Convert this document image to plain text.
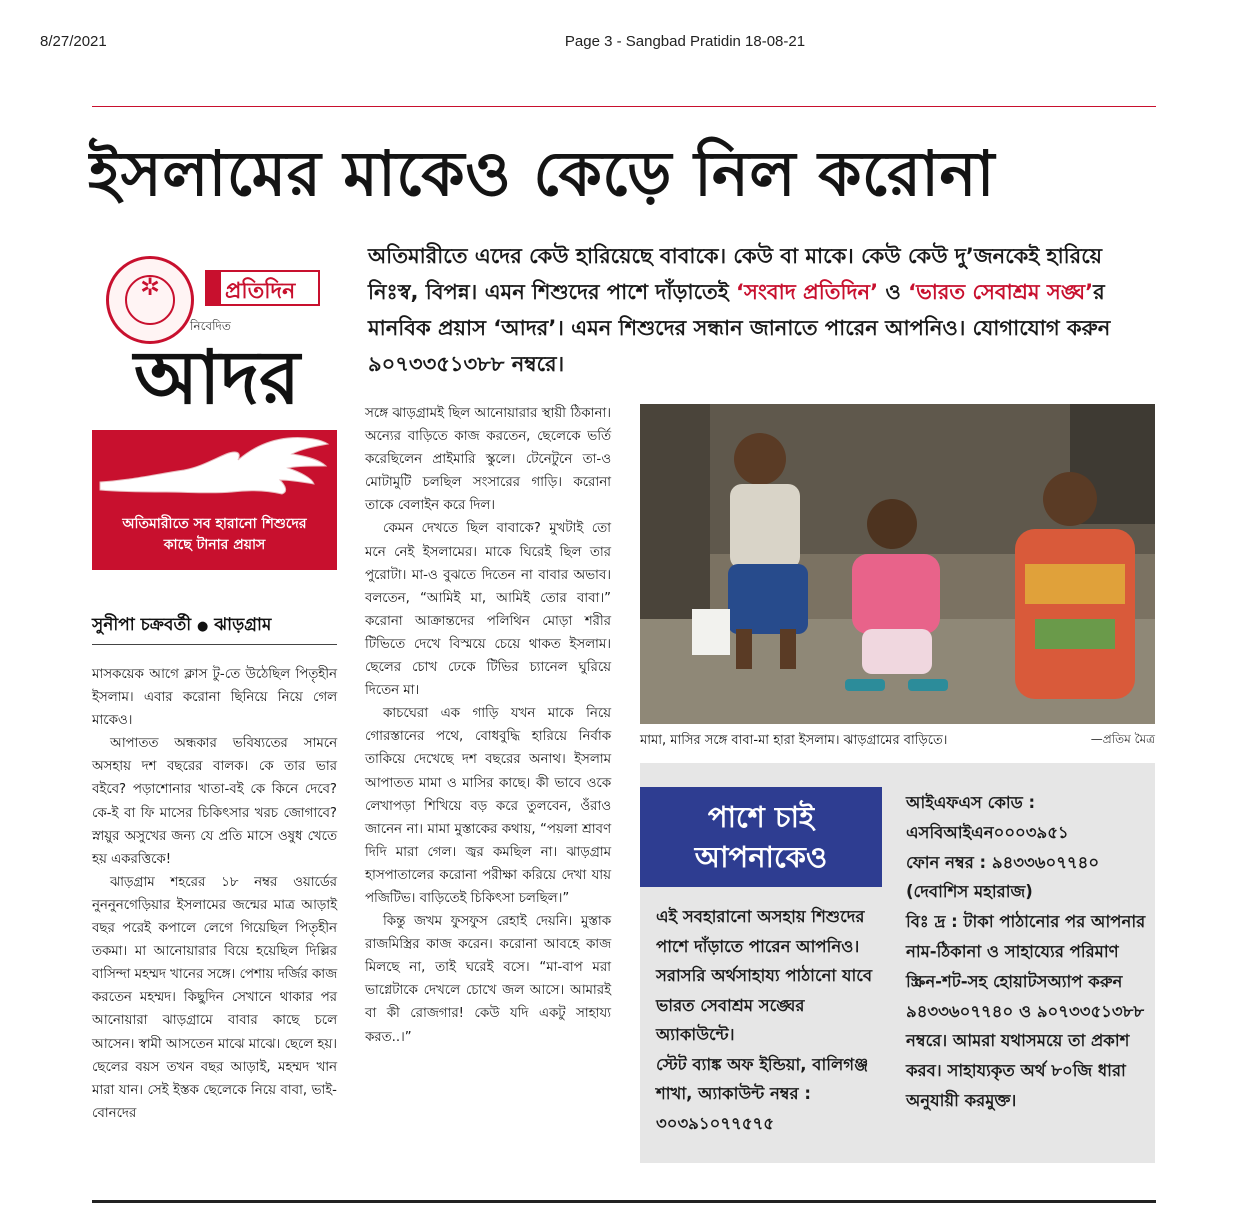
8/27/2021	Page 3 - Sangbad Pratidin 18-08-21
ইসলামের মাকেও কেড়ে নিল করোনা
✲	প্রতিদিন
নিবেদিত
অতিমারীতে সব হারানো শিশুদের
কাছে টানার প্রয়াস
আদর
অতিমারীতে এদের কেউ হারিয়েছে বাবাকে। কেউ বা মাকে। কেউ কেউ দু’জনকেই হারিয়ে নিঃস্ব, বিপন্ন। এমন শিশুদের পাশে দাঁড়াতেই ‘সংবাদ প্রতিদিন’ ও ‘ভারত সেবাশ্রম সঙ্ঘ’র মানবিক প্রয়াস ‘আদর’। এমন শিশুদের সন্ধান জানাতে পারেন আপনিও। যোগাযোগ করুন ৯০৭৩৩৫১৩৮৮ নম্বরে।
সুনীপা চক্রবর্তী ● ঝাড়গ্রাম

মাসকয়েক আগে ক্লাস টু-তে উঠেছিল পিতৃহীন ইসলাম। এবার করোনা ছিনিয়ে নিয়ে গেল মাকেও।

আপাতত অন্ধকার ভবিষ্যতের সামনে অসহায় দশ বছরের বালক। কে তার ভার বইবে? পড়াশোনার খাতা-বই কে কিনে দেবে? কে-ই বা ফি মাসের চিকিৎসার খরচ জোগাবে? স্নায়ুর অসুখের জন্য যে প্রতি মাসে ওষুধ খেতে হয় একরত্তিকে!

ঝাড়গ্রাম শহরের ১৮ নম্বর ওয়ার্ডের নুননুনগেড়িয়ার ইসলামের জন্মের মাত্র আড়াই বছর পরেই কপালে লেগে গিয়েছিল পিতৃহীন তকমা। মা আনোয়ারার বিয়ে হয়েছিল দিল্লির বাসিন্দা মহম্মদ খানের সঙ্গে। পেশায় দর্জির কাজ করতেন মহম্মদ। কিছুদিন সেখানে থাকার পর আনোয়ারা ঝাড়গ্রামে বাবার কাছে চলে আসেন। স্বামী আসতেন মাঝে মাঝে। ছেলে হয়। ছেলের বয়স তখন বছর আড়াই, মহম্মদ খান মারা যান। সেই ইস্তক ছেলেকে নিয়ে বাবা, ভাই-বোনদের

সঙ্গে ঝাড়গ্রামই ছিল আনোয়ারার স্থায়ী ঠিকানা। অন্যের বাড়িতে কাজ করতেন, ছেলেকে ভর্তি করেছিলেন প্রাইমারি স্কুলে। টেনেটুনে তা-ও মোটামুটি চলছিল সংসারের গাড়ি। করোনা তাকে বেলাইন করে দিল।

কেমন দেখতে ছিল বাবাকে? মুখটাই তো মনে নেই ইসলামের। মাকে ঘিরেই ছিল তার পুরোটা। মা-ও বুঝতে দিতেন না বাবার অভাব। বলতেন, “আমিই মা, আমিই তোর বাবা।” করোনা আক্রান্তদের পলিথিন মোড়া শরীর টিভিতে দেখে বিস্ময়ে চেয়ে থাকত ইসলাম। ছেলের চোখ ঢেকে টিভির চ্যানেল ঘুরিয়ে দিতেন মা।

কাচঘেরা এক গাড়ি যখন মাকে নিয়ে গোরস্তানের পথে, বোধবুদ্ধি হারিয়ে নির্বাক তাকিয়ে দেখেছে দশ বছরের অনাথ। ইসলাম আপাতত মামা ও মাসির কাছে। কী ভাবে ওকে লেখাপড়া শিখিয়ে বড় করে তুলবেন, ওঁরাও জানেন না। মামা মুস্তাকের কথায়, “পয়লা শ্রাবণ দিদি মারা গেল। জ্বর কমছিল না। ঝাড়গ্রাম হাসপাতালের করোনা পরীক্ষা করিয়ে দেখা যায় পজিটিভ। বাড়িতেই চিকিৎসা চলছিল।”

কিন্তু জখম ফুসফুস রেহাই দেয়নি। মুস্তাক রাজমিস্ত্রির কাজ করেন। করোনা আবহে কাজ মিলছে না, তাই ঘরেই বসে। “মা-বাপ মরা ভাগ্নেটাকে দেখলে চোখে জল আসে। আমারই বা কী রোজগার! কেউ যদি একটু সাহায্য করত..।”

মামা, মাসির সঙ্গে বাবা-মা হারা ইসলাম। ঝাড়গ্রামের বাড়িতে।	—প্রতিম মৈত্র
পাশে চাই
আপনাকেও

এই সবহারানো অসহায় শিশুদের পাশে দাঁড়াতে পারেন আপনিও। সরাসরি অর্থসাহায্য পাঠানো যাবে ভারত সেবাশ্রম সঙ্ঘের অ্যাকাউন্টে।

স্টেট ব্যাঙ্ক অফ ইন্ডিয়া, বালিগঞ্জ শাখা, অ্যাকাউন্ট নম্বর : ৩০৩৯১০৭৭৫৭৫

আইএফএস কোড :

এসবিআইএন০০০৩৯৫১

ফোন নম্বর : ৯৪৩৩৬০৭৭৪০

(দেবাশিস মহারাজ)

বিঃ দ্র : টাকা পাঠানোর পর আপনার নাম-ঠিকানা ও সাহায্যের পরিমাণ স্ক্রিন-শট-সহ হোয়াটসঅ্যাপ করুন ৯৪৩৩৬০৭৭৪০ ও ৯০৭৩৩৫১৩৮৮ নম্বরে। আমরা যথাসময়ে তা প্রকাশ করব। সাহায্যকৃত অর্থ ৮০জি ধারা অনুযায়ী করমুক্ত।
